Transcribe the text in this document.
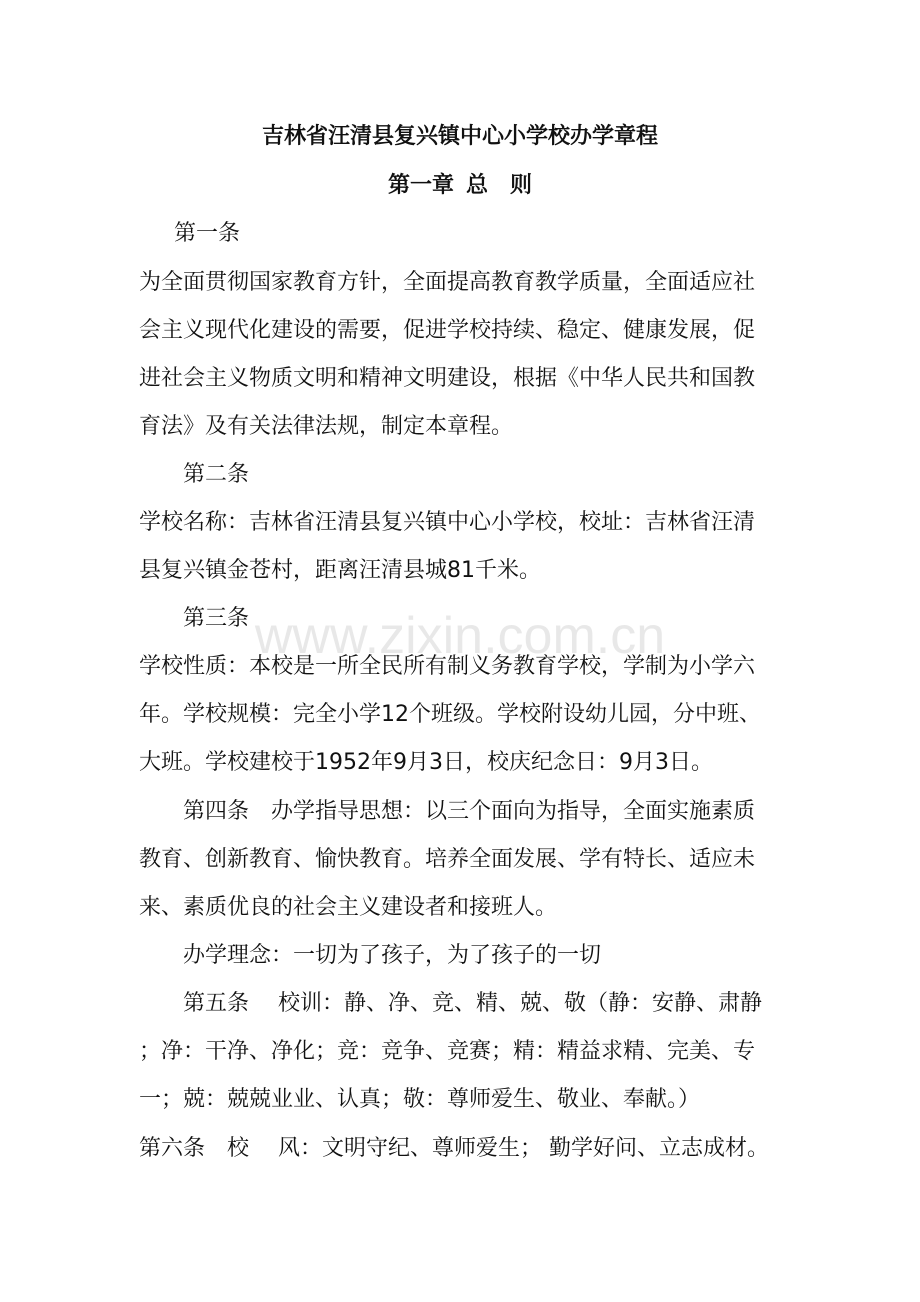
www.zixin.com.cn
吉林省汪清县复兴镇中心小学校办学章程
第一章 总 则
第一条
为全面贯彻国家教育方针，全面提高教育教学质量，全面适应社
会主义现代化建设的需要，促进学校持续、稳定、健康发展，促
进社会主义物质文明和精神文明建设，根据《中华人民共和国教
育法》及有关法律法规，制定本章程。
第二条
学校名称：吉林省汪清县复兴镇中心小学校，校址：吉林省汪清
县复兴镇金苍村，距离汪清县城81千米。
第三条
学校性质：本校是一所全民所有制义务教育学校，学制为小学六
年。学校规模：完全小学12个班级。学校附设幼儿园，分中班、
大班。学校建校于1952年9月3日，校庆纪念日：9月3日。
第四条　办学指导思想：以三个面向为指导，全面实施素质
教育、创新教育、愉快教育。培养全面发展、学有特长、适应未
来、素质优良的社会主义建设者和接班人。
办学理念：一切为了孩子，为了孩子的一切
第五条　 校训：静、净、竞、精、兢、敬（静：安静、肃静
；净：干净、净化；竞：竞争、竞赛；精：精益求精、完美、专
一；兢：兢兢业业、认真；敬：尊师爱生、敬业、奉献。）
第六条　校　 风：文明守纪、尊师爱生； 勤学好问、立志成材。
